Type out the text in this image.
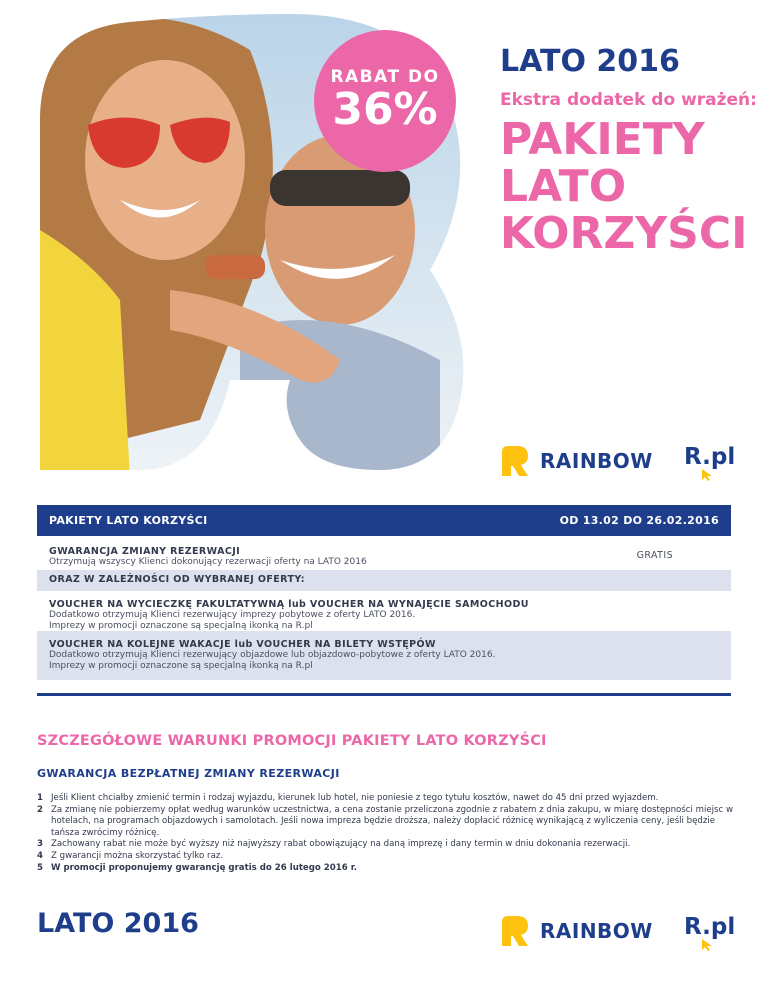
RABAT DO
36%
LATO 2016
Ekstra dodatek do wrażeń:
PAKIETY
LATO
KORZYŚCI
RAINBOW R.pl
PAKIETY LATO KORZYŚCI	OD 13.02 DO 26.02.2016
GWARANCJA ZMIANY REZERWACJI
Otrzymują wszyscy Klienci dokonujący rezerwacji oferty na LATO 2016
GRATIS
ORAZ W ZALEŻNOŚCI OD WYBRANEJ OFERTY:
VOUCHER NA WYCIECZKĘ FAKULTATYWNĄ lub VOUCHER NA WYNAJĘCIE SAMOCHODU
Dodatkowo otrzymują Klienci rezerwujący imprezy pobytowe z oferty LATO 2016.
Imprezy w promocji oznaczone są specjalną ikonką na R.pl
VOUCHER NA KOLEJNE WAKACJE lub VOUCHER NA BILETY WSTĘPÓW
Dodatkowo otrzymują Klienci rezerwujący objazdowe lub objazdowo-pobytowe z oferty LATO 2016.
Imprezy w promocji oznaczone są specjalną ikonką na R.pl
SZCZEGÓŁOWE WARUNKI PROMOCJI PAKIETY LATO KORZYŚCI
GWARANCJA BEZPŁATNEJ ZMIANY REZERWACJI
1 Jeśli Klient chciałby zmienić termin i rodzaj wyjazdu, kierunek lub hotel, nie poniesie z tego tytułu kosztów, nawet do 45 dni przed wyjazdem.
2 Za zmianę nie pobierzemy opłat według warunków uczestnictwa, a cena zostanie przeliczona zgodnie z rabatem z dnia zakupu, w miarę dostępności miejsc w hotelach, na programach objazdowych i samolotach. Jeśli nowa impreza będzie droższa, należy dopłacić różnicę wynikającą z wyliczenia ceny, jeśli będzie tańsza zwrócimy różnicę.
3 Zachowany rabat nie może być wyższy niż najwyższy rabat obowiązujący na daną imprezę i dany termin w dniu dokonania rezerwacji.
4 Z gwarancji można skorzystać tylko raz.
5 W promocji proponujemy gwarancję gratis do 26 lutego 2016 r.
LATO 2016	RAINBOW R.pl
